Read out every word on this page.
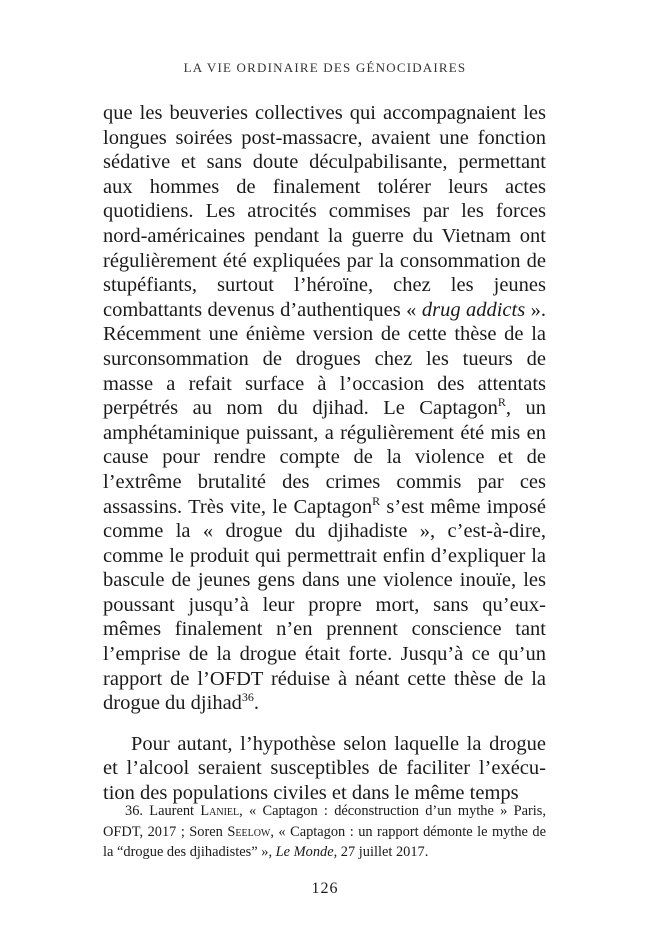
LA VIE ORDINAIRE DES GÉNOCIDAIRES

que les beuveries collectives qui accompagnaient les longues soirées post-massacre, avaient une fonction sédative et sans doute déculpabilisante, permettant aux hommes de finalement tolérer leurs actes quotidiens. Les atrocités commises par les forces nord-américaines pendant la guerre du Vietnam ont régulièrement été expliquées par la consommation de stupéfiants, surtout l’héroïne, chez les jeunes combattants devenus d’authentiques « drug addicts ». Récemment une énième version de cette thèse de la surconsommation de drogues chez les tueurs de masse a refait surface à l’occasion des attentats perpétrés au nom du djihad. Le Captagon$^R$, un amphétaminique puissant, a régulièrement été mis en cause pour rendre compte de la violence et de l’extrême brutalité des crimes commis par ces assassins. Très vite, le Captagon$^R$ s’est même imposé comme la « drogue du djihadiste », c’est-à-dire, comme le produit qui permettrait enfin d’expliquer la bascule de jeunes gens dans une violence inouïe, les poussant jusqu’à leur propre mort, sans qu’eux-mêmes finalement n’en prennent conscience tant l’emprise de la drogue était forte. Jusqu’à ce qu’un rapport de l’OFDT réduise à néant cette thèse de la drogue du djihad$^{36}$.

Pour autant, l’hypothèse selon laquelle la drogue et l’alcool seraient susceptibles de faciliter l’exécution des populations civiles et dans le même temps

36. Laurent Laniel, « Captagon : déconstruction d’un mythe » Paris, OFDT, 2017 ; Soren Seelow, « Captagon : un rapport démonte le mythe de la “drogue des djihadistes” », Le Monde, 27 juillet 2017.

126
